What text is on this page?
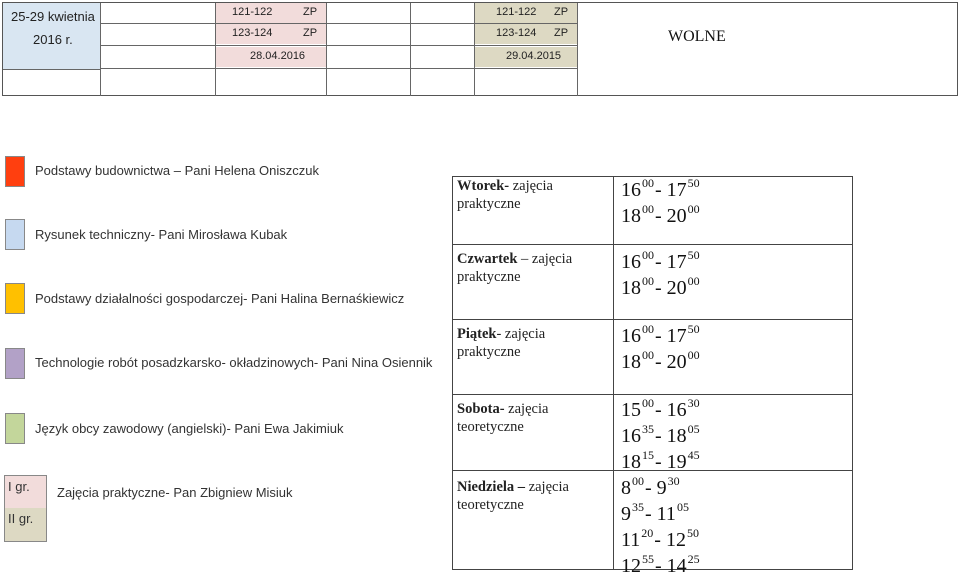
25-29 kwietnia
2016 r.
121-122	ZP
123-124	ZP
28.04.2016
121-122 ZP
123-124 ZP
29.04.2015
WOLNE
Podstawy budownictwa – Pani Helena Oniszczuk
Rysunek techniczny- Pani Mirosława Kubak
Podstawy działalności gospodarczej- Pani Halina Bernaśkiewicz
Technologie robót posadzkarsko- okładzinowych- Pani Nina Osiennik
Język obcy zawodowy (angielski)- Pani Ewa Jakimiuk
I gr.
II gr.
Zajęcia praktyczne- Pan Zbigniew Misiuk
Wtorek- zajęcia
praktyczne
Czwartek – zajęcia
praktyczne
Piątek- zajęcia
praktyczne
Sobota- zajęcia
teoretyczne
Niedziela – zajęcia
teoretyczne
$16^{00}-$ $17^{50}$
$18^{00}-$ $20^{00}$
$16^{00}-$ $17^{50}$
$18^{00}-$ $20^{00}$
$16^{00}-$ $17^{50}$
$18^{00}-$ $20^{00}$
$15^{00}-$ $16^{30}$
$16^{35}-$ $18^{05}$
$18^{15}-$ $19^{45}$
$8^{00}-$ $9^{30}$
$9^{35}-$ $11^{05}$
$11^{20}-$ $12^{50}$
$12^{55}-$ $14^{25}$
